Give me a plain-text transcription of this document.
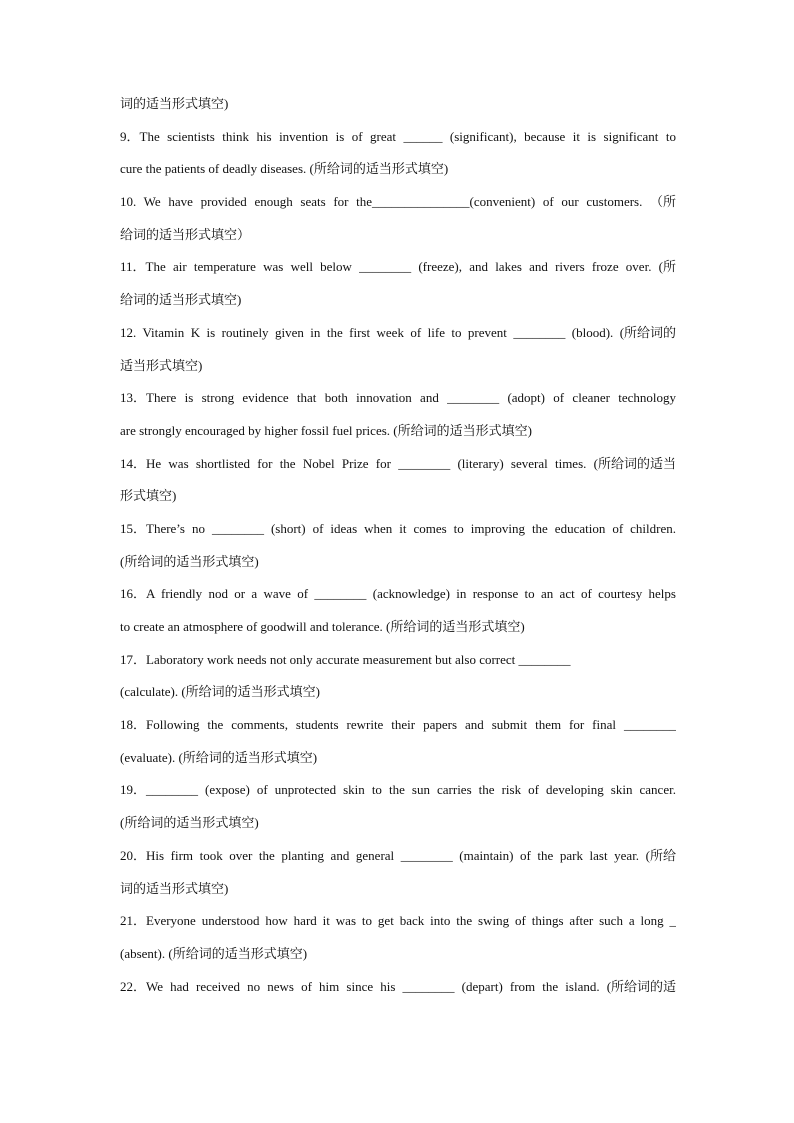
词的适当形式填空)
9．The scientists think his invention is of great ______ (significant), because it is significant to
cure the patients of deadly diseases. (所给词的适当形式填空)
10. We have provided enough seats for the_______________(convenient) of our customers. （所
给词的适当形式填空）
11．The air temperature was well below ________ (freeze), and lakes and rivers froze over. (所
给词的适当形式填空)
12. Vitamin K is routinely given in the first week of life to prevent ________ (blood). (所给词的
适当形式填空)
13．There is strong evidence that both innovation and ________ (adopt) of cleaner technology
are strongly encouraged by higher fossil fuel prices. (所给词的适当形式填空)
14．He was shortlisted for the Nobel Prize for ________ (literary) several times. (所给词的适当
形式填空)
15．There’s no ________ (short) of ideas when it comes to improving the education of children.
(所给词的适当形式填空)
16．A friendly nod or a wave of ________ (acknowledge) in response to an act of courtesy helps
to create an atmosphere of goodwill and tolerance. (所给词的适当形式填空)
17．Laboratory work needs not only accurate measurement but also correct ________
(calculate). (所给词的适当形式填空)
18．Following the comments, students rewrite their papers and submit them for final ________
(evaluate). (所给词的适当形式填空)
19．________ (expose) of unprotected skin to the sun carries the risk of developing skin cancer.
(所给词的适当形式填空)
20．His firm took over the planting and general ________ (maintain) of the park last year. (所给
词的适当形式填空)
21．Everyone understood how hard it was to get back into the swing of things after such a long _
(absent). (所给词的适当形式填空)
22．We had received no news of him since his ________ (depart) from the island. (所给词的适
